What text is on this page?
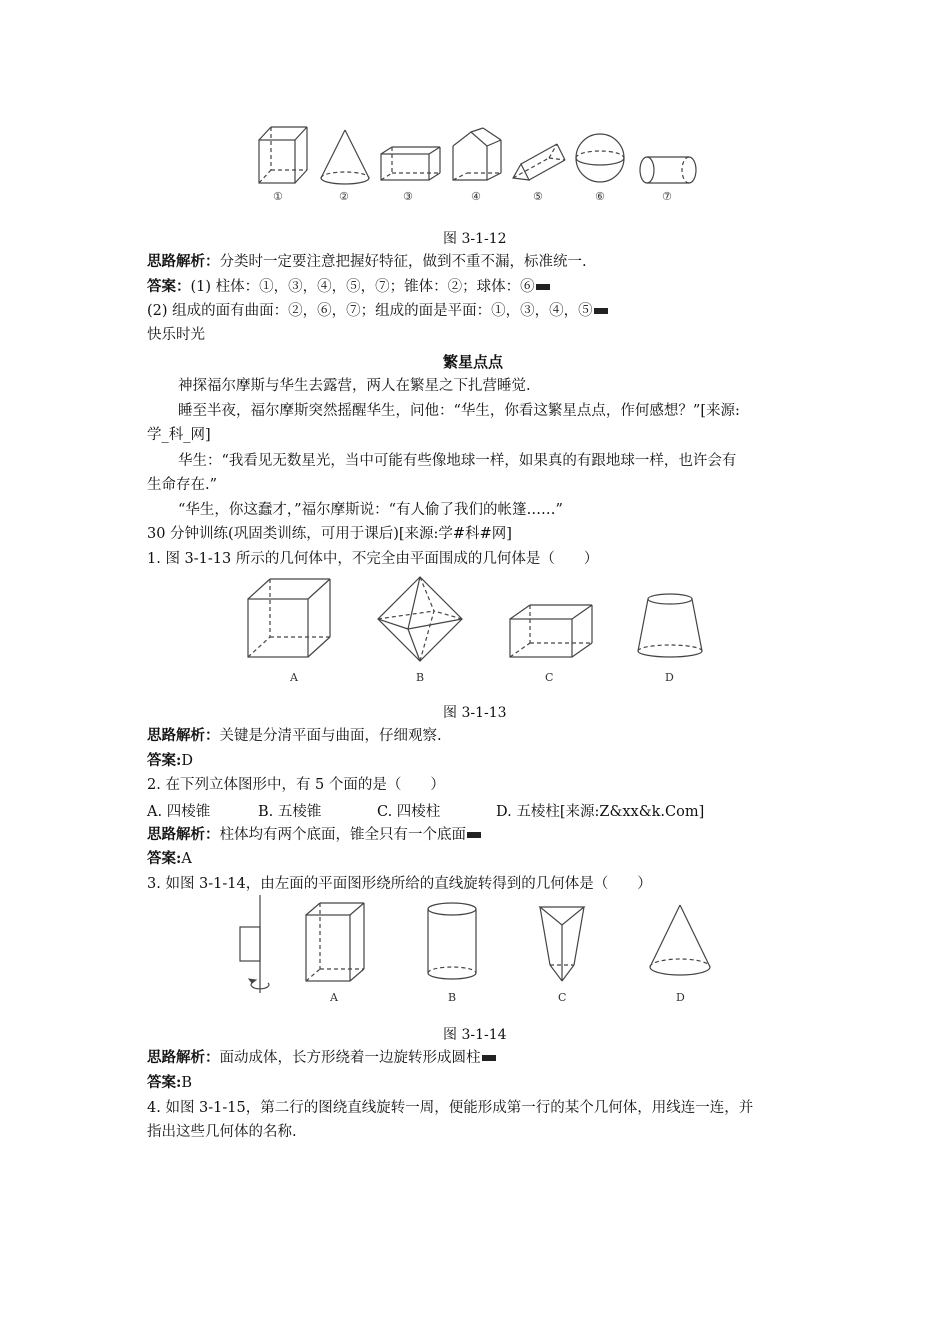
①	②	③	④	⑤	⑥	⑦
图 3-1-12
思路解析：分类时一定要注意把握好特征，做到不重不漏，标准统一.
答案：(1) 柱体：①，③，④，⑤，⑦；锥体：②；球体：⑥
(2) 组成的面有曲面：②，⑥，⑦；组成的面是平面：①，③，④，⑤
快乐时光
繁星点点
神探福尔摩斯与华生去露营，两人在繁星之下扎营睡觉.
睡至半夜，福尔摩斯突然摇醒华生，问他：“华生，你看这繁星点点，作何感想？”[来源:
学_科_网]
华生：“我看见无数星光，当中可能有些像地球一样，如果真的有跟地球一样，也许会有
生命存在.”
“华生，你这蠢才，”福尔摩斯说：“有人偷了我们的帐篷……”
30 分钟训练(巩固类训练，可用于课后)[来源:学#科#网]
1. 图 3-1-13 所示的几何体中，不完全由平面围成的几何体是（　　）
A	B	C	D
图 3-1-13
思路解析：关键是分清平面与曲面，仔细观察.
答案:D
2. 在下列立体图形中，有 5 个面的是（　　）
A. 四棱锥	B. 五棱锥	C. 四棱柱	D. 五棱柱[来源:Z&xx&k.Com]
思路解析：柱体均有两个底面，锥全只有一个底面
答案:A
3. 如图 3-1-14，由左面的平面图形绕所给的直线旋转得到的几何体是（　　）
A	B	C	D
图 3-1-14
思路解析：面动成体，长方形绕着一边旋转形成圆柱
答案:B
4. 如图 3-1-15，第二行的图绕直线旋转一周，便能形成第一行的某个几何体，用线连一连，并
指出这些几何体的名称.
